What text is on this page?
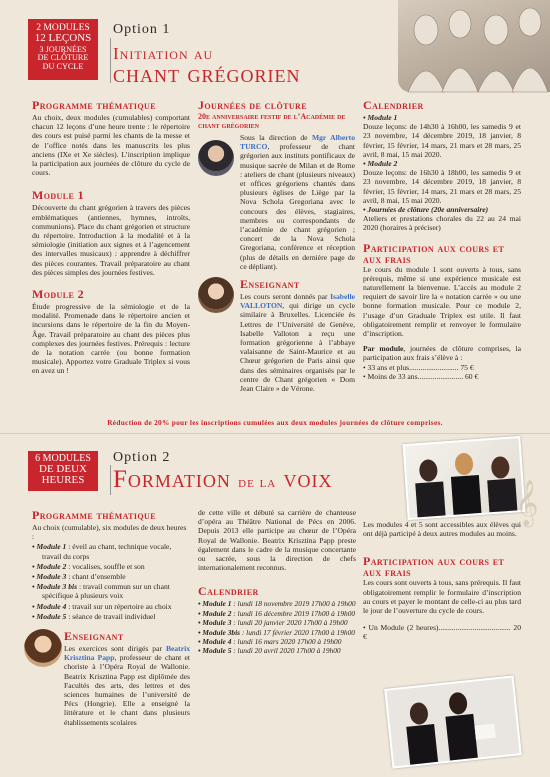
2 MODULES
12 LEÇONS
3 JOURNÉES
DE CLÔTURE
DU CYCLE
Option 1
Initiation au
chant grégorien
Programme thématique
Au choix, deux modules (cumulables) comportant chacun 12 leçons d’une heure trente : le répertoire des cours est puisé parmi les chants de la messe et de l’office notés dans les manuscrits les plus anciens (IXe et Xe siècles). L’inscription implique la participation aux journées de clôture du cycle de cours.
Module 1
Découverte du chant grégorien à travers des pièces emblématiques (antiennes, hymnes, introïts, communions). Place du chant grégorien et structure du répertoire. Introduction à la modalité et à la sémiologie (initiation aux signes et à l’agencement des intervalles musicaux) : apprendre à déchiffrer des pièces courantes. Travail préparatoire au chant des pièces simples des journées festives.
Module 2
Étude progressive de la sémiologie et de la modalité. Promenade dans le répertoire ancien et incursions dans le répertoire de la fin du Moyen-Âge. Travail préparatoire au chant des pièces plus complexes des journées festives. Prérequis : lecture de la notation carrée (ou bonne formation musicale). Apportez votre Graduale Triplex si vous en avez un !
Journées de clôture
20e anniversaire festif de l’Académie de chant grégorien
Sous la direction de Mgr Alberto TURCO, professeur de chant grégorien aux instituts pontificaux de musique sacrée de Milan et de Rome : ateliers de chant (plusieurs niveaux) et offices grégoriens chantés dans plusieurs églises de Liège par la Nova Schola Gregoriana avec le concours des élèves, stagiaires, membres ou correspondants de l’académie de chant grégorien ; concert de la Nova Schola Gregoriana, conférence et réception (plus de détails en dernière page de ce dépliant).
Enseignant
Les cours seront donnés par Isabelle VALLOTON, qui dirige un cycle similaire à Bruxelles. Licenciée ès Lettres de l’Université de Genève, Isabelle Valloton a reçu une formation grégorienne à l’abbaye valaisanne de Saint-Maurice et au Chœur grégorien de Paris ainsi que dans des séminaires organisés par le centre de Chant grégorien « Dom Jean Claire » de Vérone.
Calendrier
• Module 1
Douze leçons: de 14h30 à 16h00, les samedis 9 et 23 novembre, 14 décembre 2019, 18 janvier, 8 février, 15 février, 14 mars, 21 mars et 28 mars, 25 avril, 8 mai, 15 mai 2020.
• Module 2
Douze leçons: de 16h30 à 18h00, les samedis 9 et 23 novembre, 14 décembre 2019, 18 janvier, 8 février, 15 février, 14 mars, 21 mars et 28 mars, 25 avril, 8 mai, 15 mai 2020.
• Journées de clôture (20e anniversaire)
Ateliers et prestations chorales du 22 au 24 mai 2020 (horaires à préciser)
Participation aux cours et aux frais
Le cours du module 1 sont ouverts à tous, sans prérequis, même si une expérience musicale est naturellement la bienvenue. L’accès au module 2 requiert de savoir lire la « notation carrée » ou une bonne formation musicale. Pour ce module 2, l’usage d’un Graduale Triplex est utile. Il faut obligatoirement remplir et renvoyer le formulaire d’inscription.
Par module, journées de clôture comprises, la participation aux frais s’élève à :
• 33 ans et plus.......................... 75 €
• Moins de 33 ans........................ 60 €
Réduction de 20% pour les inscriptions cumulées aux deux modules journées de clôture comprises.
6 MODULES
DE DEUX
HEURES
Option 2
Formation de la voix
Programme thématique
Au choix (cumulable), six modules de deux heures :
• Module 1 : éveil au chant, technique vocale, travail du corps
• Module 2 : vocalises, souffle et son
• Module 3 : chant d’ensemble
• Module 3 bis : travail commun sur un chant spécifique à plusieurs voix
• Module 4 : travail sur un répertoire au choix
• Module 5 : séance de travail individuel
Enseignant
Les exercices sont dirigés par Beatrix Krisztina Papp, professeur de chant et choriste à l’Opéra Royal de Wallonie. Beatrix Krisztina Papp est diplômée des Facultés des arts, des lettres et des sciences humaines de l’université de Pécs (Hongrie). Elle a enseigné la littérature et le chant dans plusieurs établissements scolaires
de cette ville et débuté sa carrière de chanteuse d’opéra au Théâtre National de Pécs en 2006. Depuis 2013 elle participe au chœur de l’Opéra Royal de Wallonie. Beatrix Krisztina Papp preste également dans le cadre de la musique concertante ou sacrée, sous la direction de chefs internationalement reconnus.
Calendrier
• Module 1 : lundi 18 novembre 2019 17h00 à 19h00
• Module 2 : lundi 16 décembre 2019 17h00 à 19h00
• Module 3 : lundi 20 janvier 2020 17h00 à 19h00
• Module 3bis : lundi 17 février 2020 17h00 à 19h00
• Module 4 : lundi 16 mars 2020 17h00 à 19h00
• Module 5 : lundi 20 avril 2020 17h00 à 19h00
Les modules 4 et 5 sont accessibles aux élèves qui ont déjà participé à deux autres modules au moins.
Participation aux cours et aux frais
Les cours sont ouverts à tous, sans prérequis. Il faut obligatoirement remplir le formulaire d’inscription au cours et payer le montant de celle-ci au plus tard le jour de l’ouverture du cycle de cours.
• Un Module (2 heures)...................................... 20 €
𝄞
